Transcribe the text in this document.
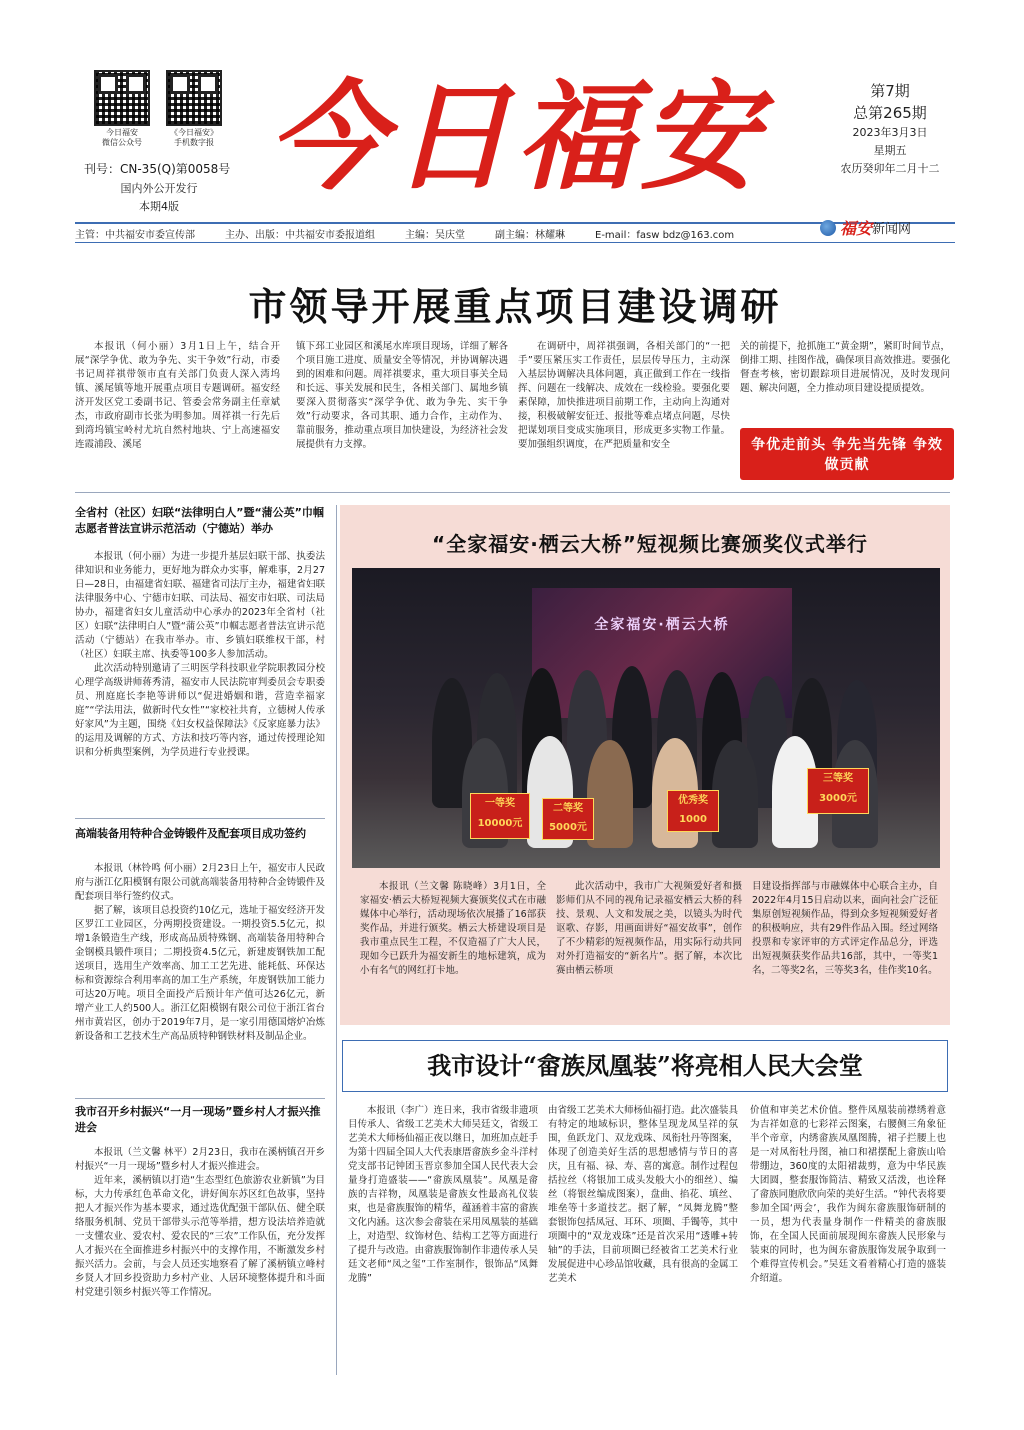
今日福安
微信公众号
《今日福安》
手机数字报
刊号：CN-35(Q)第0058号
国内外公开发行
本期4版
今日福安	第7期
总第265期
2023年3月3日
星期五
农历癸卯年二月十二
主管：中共福安市委宣传部	主办、出版：中共福安市委报道组	主编：吴庆堂	副主编：林耀琳	E-mail：fasw bdz@163.com	福安 新闻网
市领导开展重点项目建设调研

本报讯（何小丽）3月1日上午，结合开展“深学争优、敢为争先、实干争效”行动，市委书记周祥祺带领市直有关部门负责人深入湾坞镇、溪尾镇等地开展重点项目专题调研。福安经济开发区党工委副书记、管委会常务副主任章斌杰，市政府副市长张为明参加。周祥祺一行先后到湾坞镇宝岭村尤坑自然村地块、宁上高速福安连霞浦段、溪尾

镇下邳工业园区和溪尾水库项目现场，详细了解各个项目施工进度、质量安全等情况，并协调解决遇到的困难和问题。周祥祺要求，重大项目事关全局和长远、事关发展和民生，各相关部门、属地乡镇要深入贯彻落实“深学争优、敢为争先、实干争效”行动要求，各司其职、通力合作，主动作为、靠前服务，推动重点项目加快建设，为经济社会发展提供有力支撑。

在调研中，周祥祺强调，各相关部门的“一把手”要压紧压实工作责任，层层传导压力，主动深入基层协调解决具体问题，真正做到工作在一线指挥、问题在一线解决、成效在一线检验。要强化要素保障，加快推进项目前期工作，主动向上沟通对接，积极破解安征迁、报批等难点堵点问题，尽快把谋划项目变成实施项目，形成更多实物工作量。要加强组织调度，在严把质量和安全

关的前提下，抢抓施工“黄金期”，紧盯时间节点，倒排工期、挂图作战，确保项目高效推进。要强化督查考核，密切跟踪项目进展情况，及时发现问题、解决问题，全力推动项目建设提质提效。

争优走前头 争先当先锋 争效做贡献
全省村（社区）妇联“法律明白人”暨“蒲公英”巾帼志愿者普法宣讲示范活动（宁德站）举办

本报讯（何小丽）为进一步提升基层妇联干部、执委法律知识和业务能力，更好地为群众办实事，解难事，2月27日—28日，由福建省妇联、福建省司法厅主办，福建省妇联法律服务中心、宁德市妇联、司法局、福安市妇联、司法局协办，福建省妇女儿童活动中心承办的2023年全省村（社区）妇联“法律明白人”暨“蒲公英”巾帼志愿者普法宣讲示范活动（宁德站）在我市举办。市、乡镇妇联维权干部，村（社区）妇联主席、执委等100多人参加活动。

此次活动特别邀请了三明医学科技职业学院职教园分校心理学高级讲师蒋秀清，福安市人民法院审判委员会专职委员、刑庭庭长李艳等讲师以“促进婚姻和谐，营造幸福家庭”“学法用法，做新时代女性”“家校社共育，立德树人传承好家风”为主题，围绕《妇女权益保障法》《反家庭暴力法》的运用及调解的方式、方法和技巧等内容，通过传授理论知识和分析典型案例，为学员进行专业授课。

高端装备用特种合金铸锻件及配套项目成功签约

本报讯（林铃鸣 何小丽）2月23日上午，福安市人民政府与浙江亿阳模钢有限公司就高端装备用特种合金铸锻件及配套项目举行签约仪式。

据了解，该项目总投资约10亿元，选址于福安经济开发区罗江工业园区，分两期投资建设。一期投资5.5亿元，拟增1条锻造生产线，形成高品质特殊钢、高端装备用特种合金钢模具锻件项目；二期投资4.5亿元，新建废钢铁加工配送项目，选用生产效率高、加工工艺先进、能耗低、环保达标和资源综合利用率高的加工生产系统，年废钢铁加工能力可达20万吨。项目全面投产后预计年产值可达26亿元，新增产业工人约500人。浙江亿阳模钢有限公司位于浙江省台州市黄岩区，创办于2019年7月，是一家引用德国熔炉冶炼新设备和工艺技术生产高品质特种钢铁材料及制品企业。

我市召开乡村振兴“一月一现场”暨乡村人才振兴推进会

本报讯（兰文馨 林平）2月23日，我市在溪柄镇召开乡村振兴“一月一现场”暨乡村人才振兴推进会。

近年来，溪柄镇以打造“生态型红色旅游农业新镇”为目标，大力传承红色革命文化，讲好闽东苏区红色故事，坚持把人才振兴作为基本要求，通过选优配强干部队伍、健全联络服务机制、党员干部带头示范等举措，想方设法培养造就一支懂农业、爱农村、爱农民的“三农”工作队伍，充分发挥人才振兴在全面推进乡村振兴中的支撑作用，不断激发乡村振兴活力。会前，与会人员还实地察看了解了溪柄镇立峰村乡贤人才回乡投资助力乡村产业、人居环境整体提升和斗面村党建引领乡村振兴等工作情况。

“全家福安·栖云大桥”短视频比赛颁奖仪式举行
全家福安·栖云大桥
一等奖
10000元
二等奖
5000元
优秀奖
1000
三等奖
3000元

本报讯（兰文馨 陈晓峰）3月1日，全家福安·栖云大桥短视频大赛颁奖仪式在市融媒体中心举行，活动现场依次展播了16部获奖作品，并进行颁奖。栖云大桥建设项目是我市重点民生工程，不仅造福了广大人民，现如今已跃升为福安新生的地标建筑，成为小有名气的网红打卡地。

此次活动中，我市广大视频爱好者和摄影师们从不同的视角记录福安栖云大桥的科技、景观、人文和发展之美，以镜头为时代讴歌、存影，用画面讲好“福安故事”，创作了不少精彩的短视频作品，用实际行动共同对外打造福安的“新名片”。据了解，本次比赛由栖云桥项

目建设指挥部与市融媒体中心联合主办，自2022年4月15日启动以来，面向社会广泛征集原创短视频作品，得到众多短视频爱好者的积极响应，共有29件作品入围。经过网络投票和专家评审的方式评定作品总分，评选出短视频获奖作品共16部，其中，一等奖1名，二等奖2名，三等奖3名，佳作奖10名。

我市设计“畲族凤凰装”将亮相人民大会堂

本报讯（李广）连日来，我市省级非遗项目传承人、省级工艺美术大师吴廷文，省级工艺美术大师杨仙福正夜以继日，加班加点赶手为第十四届全国人大代表康厝畲族乡金斗洋村党支部书记钟团玉晋京参加全国人民代表大会量身打造盛装——“畲族凤凰装”。凤凰是畲族的吉祥物，凤凰装是畲族女性最高礼仪装束，也是畲族服饰的精华，蕴涵着丰富的畲族文化内涵。这次参会畲装在采用凤凰装的基础上，对造型、纹饰材色、结构工艺等方面进行了提升与改造。由畲族服饰制作非遗传承人吴廷文老师“凤之玺”工作室制作，银饰品“凤舞龙腾”

由省级工艺美术大师杨仙福打造。此次盛装具有特定的地域标识，整体呈现龙凤呈祥的氛围，鱼跃龙门、双龙戏珠、凤衔牡丹等图案，体现了创造美好生活的思想感情与节日的喜庆，且有福、禄、寿、喜的寓意。制作过程包括拉丝（将银加工成头发般大小的细丝）、编丝（将银丝编成图案），盘曲、掐花、填丝、堆垒等十多道技艺。据了解，“凤舞龙腾”整套银饰包括凤冠、耳环、项圈、手镯等，其中项圈中的“双龙戏珠”还是首次采用“透雕+转轴”的手法，目前项圈已经被省工艺美术行业发展促进中心珍品馆收藏，具有很高的金属工艺美术

价值和审美艺术价值。整件凤凰装前襟绣着意为吉祥如意的七彩祥云图案，右腰侧三角象征半个帝章，内绣畲族凤凰图腾，裙子拦腰上也是一对凤衔牡丹图，袖口和裙摆配上畲族山哈带绷边，360度的太阳裙裁剪，意为中华民族大团圆，整套服饰简洁、精致又活泼，也诠释了畲族同胞欣欣向荣的美好生活。“钟代表将要参加全国‘两会’，我作为闽东畲族服饰研制的一员，想为代表量身制作一件精美的畲族服饰，在全国人民面前展现闽东畲族人民形象与装束的同时，也为闽东畲族服饰发展争取到一个难得宣传机会。”吴廷文看着精心打造的盛装介绍道。
